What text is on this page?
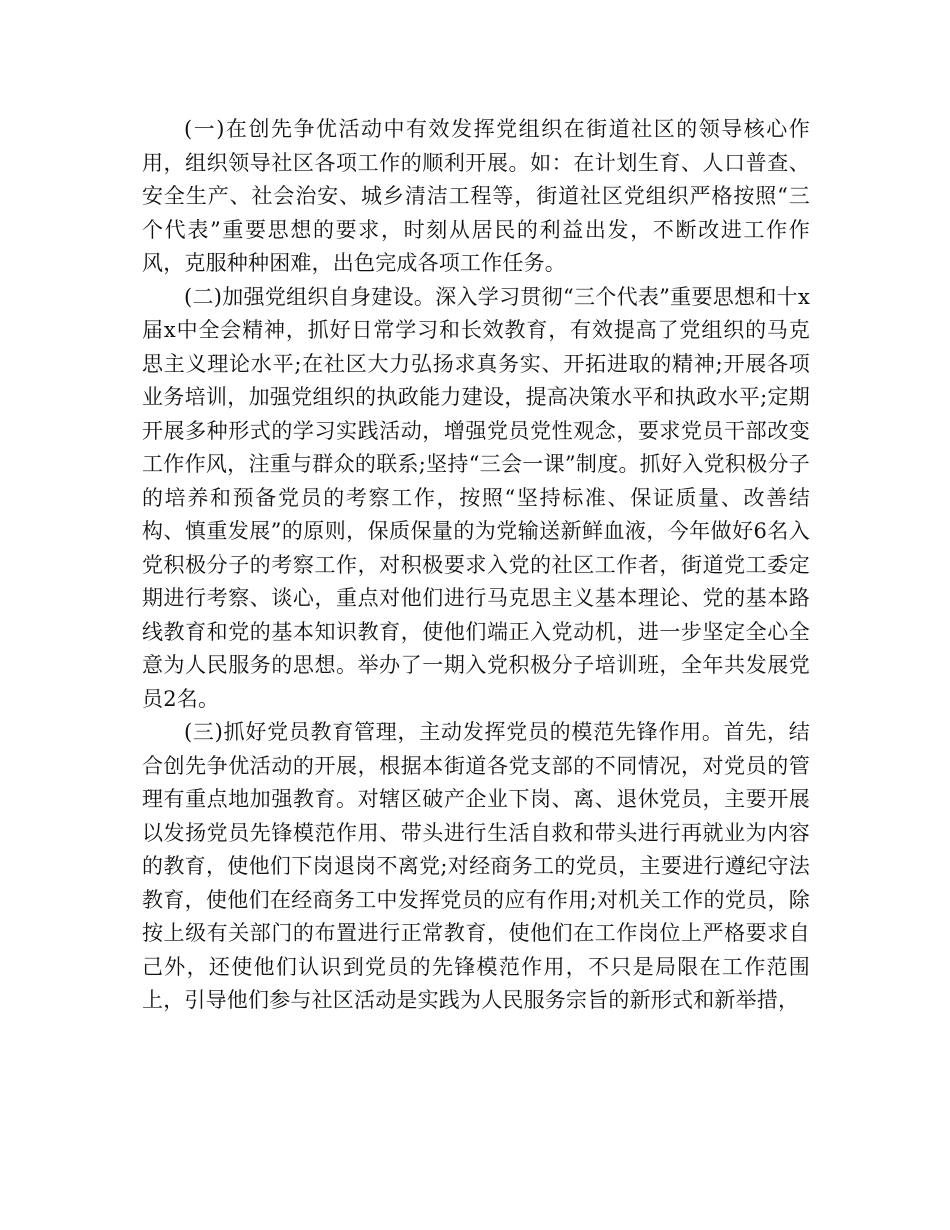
(一)在创先争优活动中有效发挥党组织在街道社区的领导核心作用，组织领导社区各项工作的顺利开展。如：在计划生育、人口普查、安全生产、社会治安、城乡清洁工程等，街道社区党组织严格按照“三个代表”重要思想的要求，时刻从居民的利益出发，不断改进工作作风，克服种种困难，出色完成各项工作任务。

(二)加强党组织自身建设。深入学习贯彻“三个代表”重要思想和十x届x中全会精神，抓好日常学习和长效教育，有效提高了党组织的马克思主义理论水平;在社区大力弘扬求真务实、开拓进取的精神;开展各项业务培训，加强党组织的执政能力建设，提高决策水平和执政水平;定期开展多种形式的学习实践活动，增强党员党性观念，要求党员干部改变工作作风，注重与群众的联系;坚持“三会一课”制度。抓好入党积极分子的培养和预备党员的考察工作，按照“坚持标准、保证质量、改善结构、慎重发展”的原则，保质保量的为党输送新鲜血液，今年做好6名入党积极分子的考察工作，对积极要求入党的社区工作者，街道党工委定期进行考察、谈心，重点对他们进行马克思主义基本理论、党的基本路线教育和党的基本知识教育，使他们端正入党动机，进一步坚定全心全意为人民服务的思想。举办了一期入党积极分子培训班，全年共发展党员2名。

(三)抓好党员教育管理，主动发挥党员的模范先锋作用。首先，结合创先争优活动的开展，根据本街道各党支部的不同情况，对党员的管理有重点地加强教育。对辖区破产企业下岗、离、退休党员，主要开展以发扬党员先锋模范作用、带头进行生活自救和带头进行再就业为内容的教育，使他们下岗退岗不离党;对经商务工的党员，主要进行遵纪守法教育，使他们在经商务工中发挥党员的应有作用;对机关工作的党员，除按上级有关部门的布置进行正常教育，使他们在工作岗位上严格要求自己外，还使他们认识到党员的先锋模范作用，不只是局限在工作范围上，引导他们参与社区活动是实践为人民服务宗旨的新形式和新举措，
